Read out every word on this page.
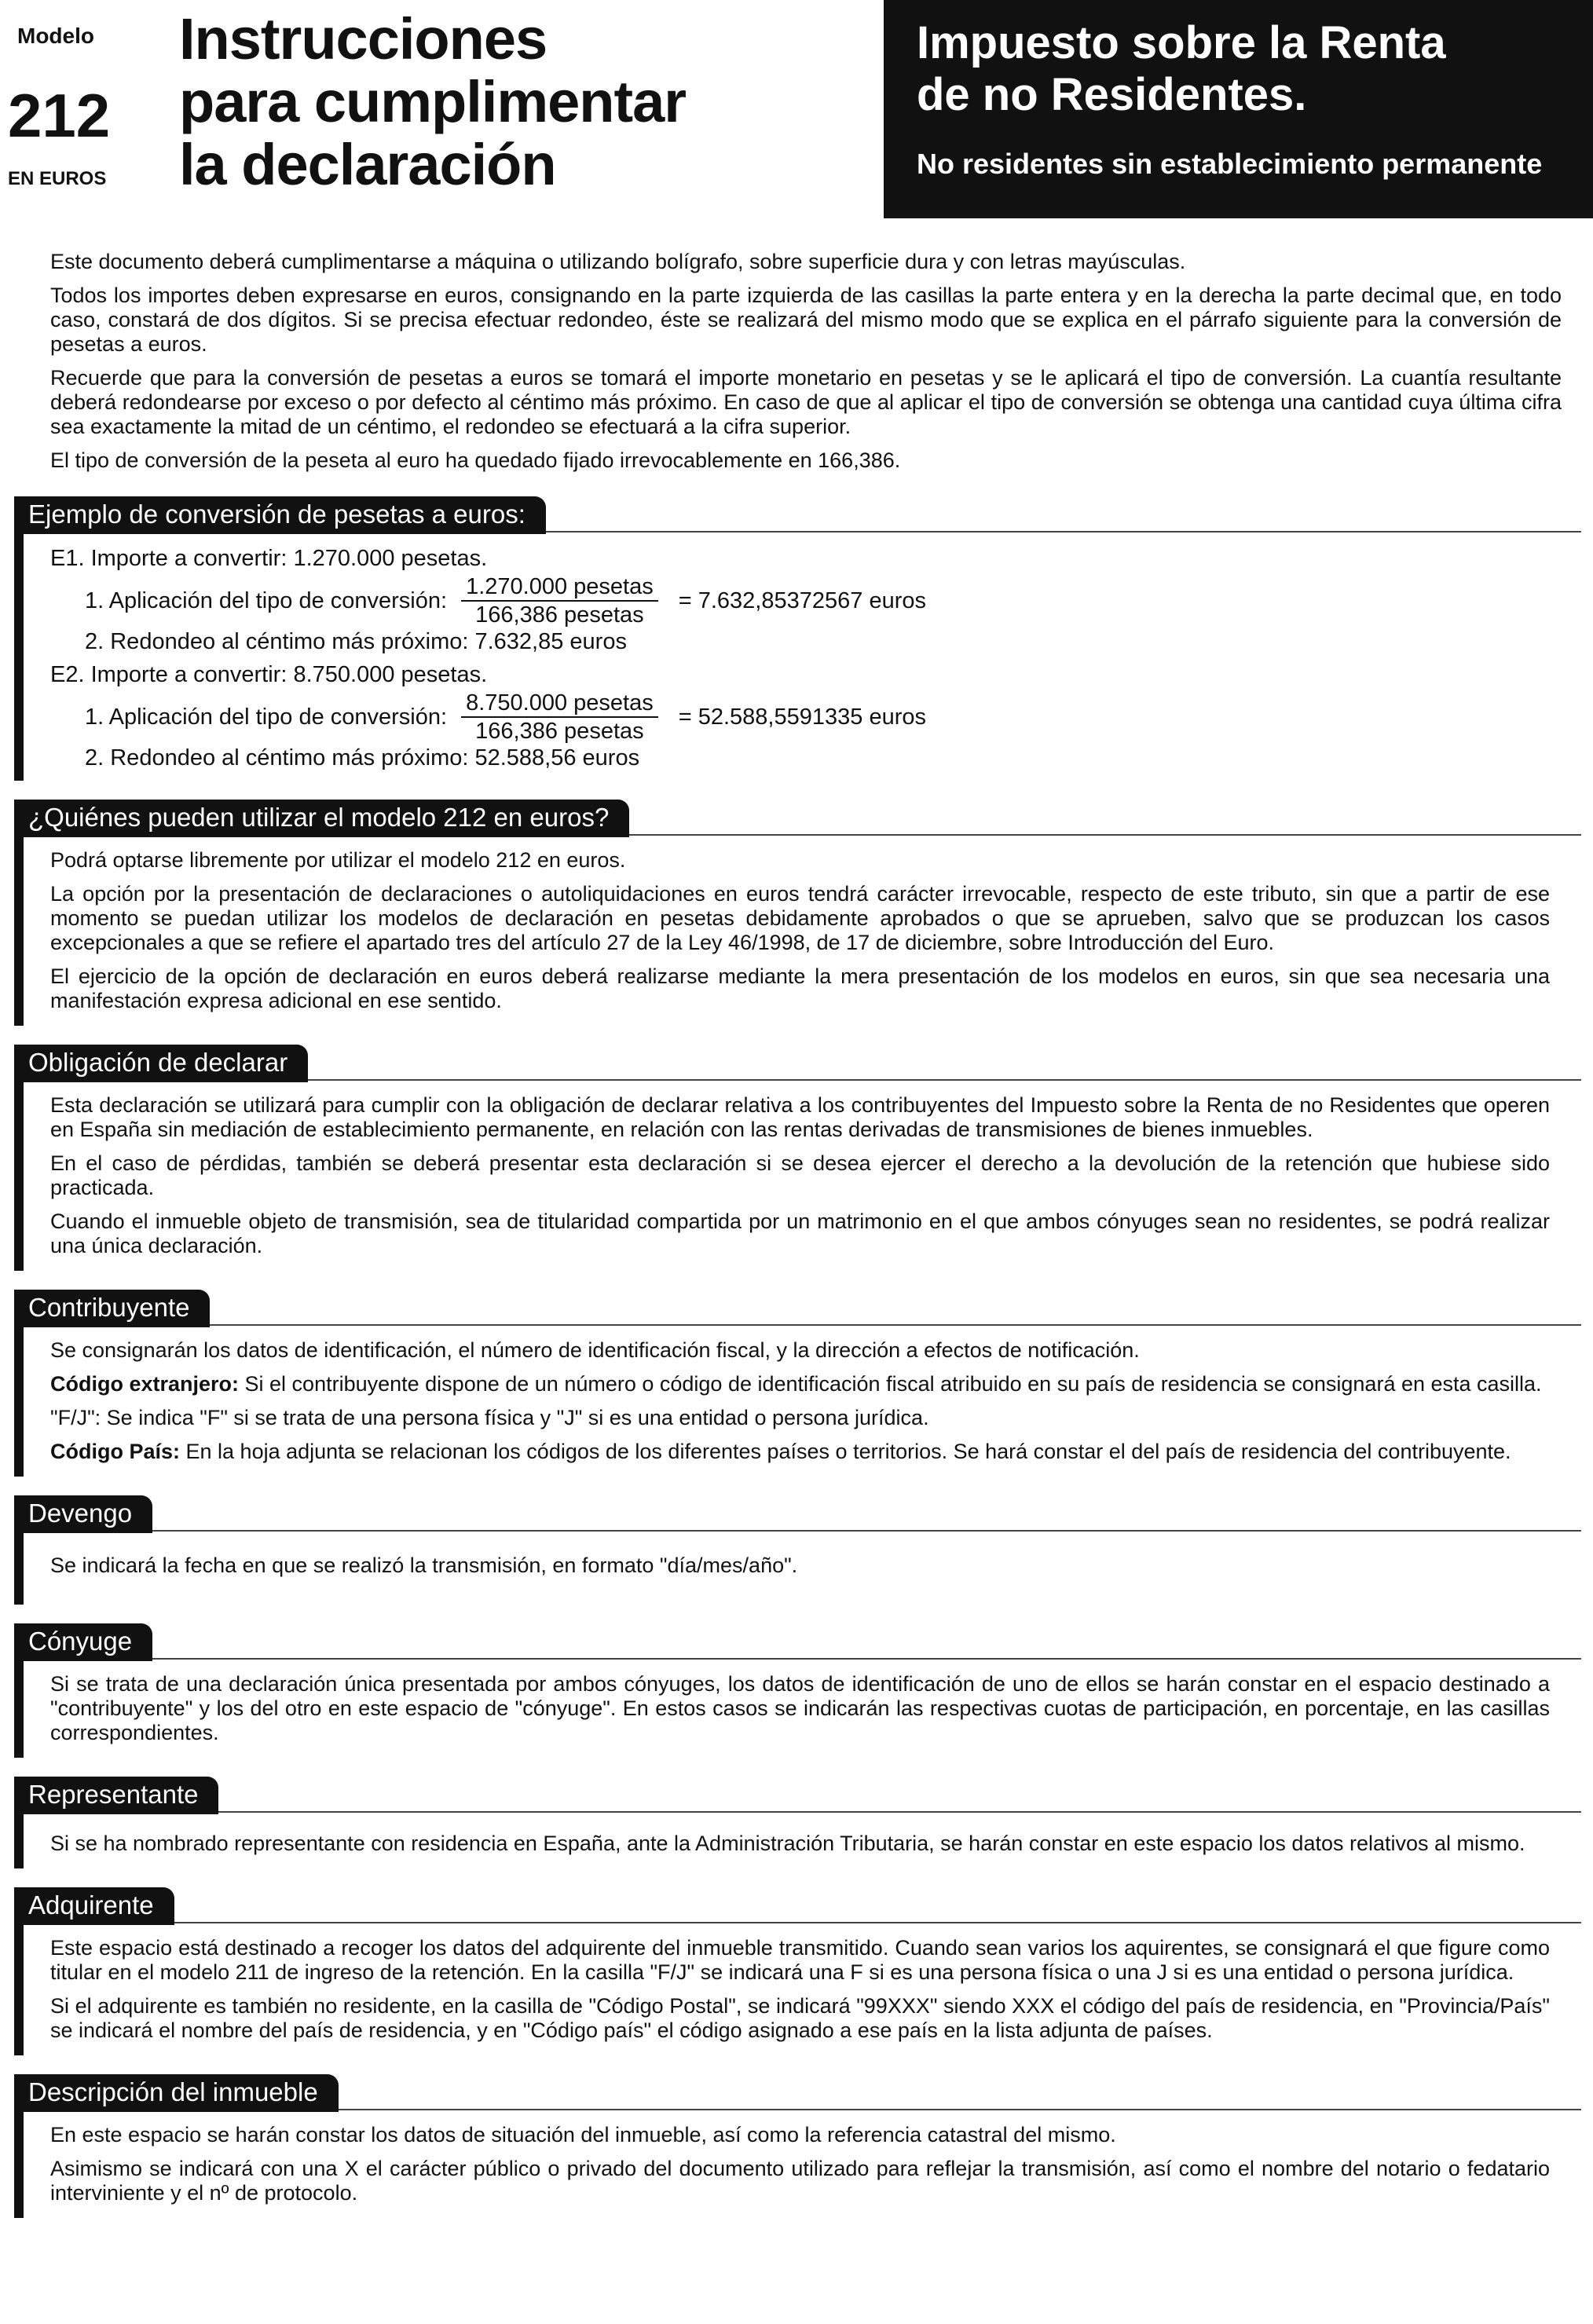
Modelo
212
EN EUROS
Instrucciones
para cumplimentar
la declaración
Impuesto sobre la Renta
de no Residentes.
No residentes sin establecimiento permanente

Este documento deberá cumplimentarse a máquina o utilizando bolígrafo, sobre superficie dura y con letras mayúsculas.

Todos los importes deben expresarse en euros, consignando en la parte izquierda de las casillas la parte entera y en la derecha la parte decimal que, en todo caso, constará de dos dígitos. Si se precisa efectuar redondeo, éste se realizará del mismo modo que se explica en el párrafo siguiente para la conversión de pesetas a euros.

Recuerde que para la conversión de pesetas a euros se tomará el importe monetario en pesetas y se le aplicará el tipo de conversión. La cuantía resultante deberá redondearse por exceso o por defecto al céntimo más próximo. En caso de que al aplicar el tipo de conversión se obtenga una cantidad cuya última cifra sea exactamente la mitad de un céntimo, el redondeo se efectuará a la cifra superior.

El tipo de conversión de la peseta al euro ha quedado fijado irrevocablemente en 166,386.

Ejemplo de conversión de pesetas a euros:
E1. Importe a convertir: 1.270.000 pesetas.
1. Aplicación del tipo de conversión: $\frac{\text{1.270.000 pesetas}}{\text{166,386 pesetas}} = 7.632,85372567$ euros
2. Redondeo al céntimo más próximo: 7.632,85 euros
E2. Importe a convertir: 8.750.000 pesetas.
1. Aplicación del tipo de conversión: $\frac{\text{8.750.000 pesetas}}{\text{166,386 pesetas}} = 52.588,5591335$ euros
2. Redondeo al céntimo más próximo: 52.588,56 euros
¿Quiénes pueden utilizar el modelo 212 en euros?

Podrá optarse libremente por utilizar el modelo 212 en euros.

La opción por la presentación de declaraciones o autoliquidaciones en euros tendrá carácter irrevocable, respecto de este tributo, sin que a partir de ese momento se puedan utilizar los modelos de declaración en pesetas debidamente aprobados o que se aprueben, salvo que se produzcan los casos excepcionales a que se refiere el apartado tres del artículo 27 de la Ley 46/1998, de 17 de diciembre, sobre Introducción del Euro.

El ejercicio de la opción de declaración en euros deberá realizarse mediante la mera presentación de los modelos en euros, sin que sea necesaria una manifestación expresa adicional en ese sentido.

Obligación de declarar

Esta declaración se utilizará para cumplir con la obligación de declarar relativa a los contribuyentes del Impuesto sobre la Renta de no Residentes que operen en España sin mediación de establecimiento permanente, en relación con las rentas derivadas de transmisiones de bienes inmuebles.

En el caso de pérdidas, también se deberá presentar esta declaración si se desea ejercer el derecho a la devolución de la retención que hubiese sido practicada.

Cuando el inmueble objeto de transmisión, sea de titularidad compartida por un matrimonio en el que ambos cónyuges sean no residentes, se podrá realizar una única declaración.

Contribuyente

Se consignarán los datos de identificación, el número de identificación fiscal, y la dirección a efectos de notificación.

Código extranjero: Si el contribuyente dispone de un número o código de identificación fiscal atribuido en su país de residencia se consignará en esta casilla.

"F/J": Se indica "F" si se trata de una persona física y "J" si es una entidad o persona jurídica.

Código País: En la hoja adjunta se relacionan los códigos de los diferentes países o territorios. Se hará constar el del país de residencia del contribuyente.

Devengo

Se indicará la fecha en que se realizó la transmisión, en formato "día/mes/año".

Cónyuge

Si se trata de una declaración única presentada por ambos cónyuges, los datos de identificación de uno de ellos se harán constar en el espacio destinado a "contribuyente" y los del otro en este espacio de "cónyuge". En estos casos se indicarán las respectivas cuotas de participación, en porcentaje, en las casillas correspondientes.

Representante

Si se ha nombrado representante con residencia en España, ante la Administración Tributaria, se harán constar en este espacio los datos relativos al mismo.

Adquirente

Este espacio está destinado a recoger los datos del adquirente del inmueble transmitido. Cuando sean varios los aquirentes, se consignará el que figure como titular en el modelo 211 de ingreso de la retención. En la casilla "F/J" se indicará una F si es una persona física o una J si es una entidad o persona jurídica.

Si el adquirente es también no residente, en la casilla de "Código Postal", se indicará "99XXX" siendo XXX el código del país de residencia, en "Provincia/País" se indicará el nombre del país de residencia, y en "Código país" el código asignado a ese país en la lista adjunta de países.

Descripción del inmueble

En este espacio se harán constar los datos de situación del inmueble, así como la referencia catastral del mismo.

Asimismo se indicará con una X el carácter público o privado del documento utilizado para reflejar la transmisión, así como el nombre del notario o fedatario interviniente y el nº de protocolo.
